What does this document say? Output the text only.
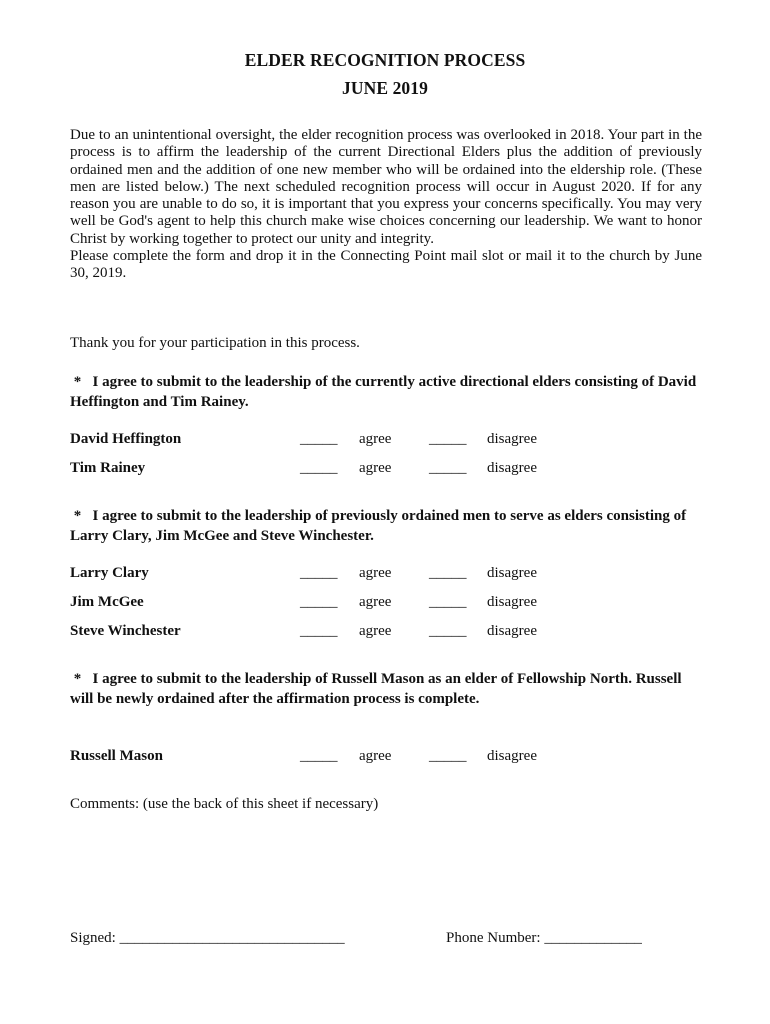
ELDER RECOGNITION PROCESS
JUNE 2019

Due to an unintentional oversight, the elder recognition process was overlooked in 2018. Your part in the process is to affirm the leadership of the current Directional Elders plus the addition of previously ordained men and the addition of one new member who will be ordained into the eldership role. (These men are listed below.) The next scheduled recognition process will occur in August 2020. If for any reason you are unable to do so, it is important that you express your concerns specifically. You may very well be God's agent to help this church make wise choices concerning our leadership. We want to honor Christ by working together to protect our unity and integrity.

Please complete the form and drop it in the Connecting Point mail slot or mail it to the church by June 30, 2019.

Thank you for your participation in this process.
* I agree to submit to the leadership of the currently active directional elders consisting of David Heffington and Tim Rainey.
David Heffington	_____ agree	_____ disagree
Tim Rainey	_____ agree	_____ disagree
* I agree to submit to the leadership of previously ordained men to serve as elders consisting of Larry Clary, Jim McGee and Steve Winchester.
Larry Clary	_____ agree	_____ disagree
Jim McGee	_____ agree	_____ disagree
Steve Winchester	_____ agree	_____ disagree
* I agree to submit to the leadership of Russell Mason as an elder of Fellowship North. Russell will be newly ordained after the affirmation process is complete.
Russell Mason	_____ agree	_____ disagree
Comments: (use the back of this sheet if necessary)
Signed: ______________________________	Phone Number: _____________
